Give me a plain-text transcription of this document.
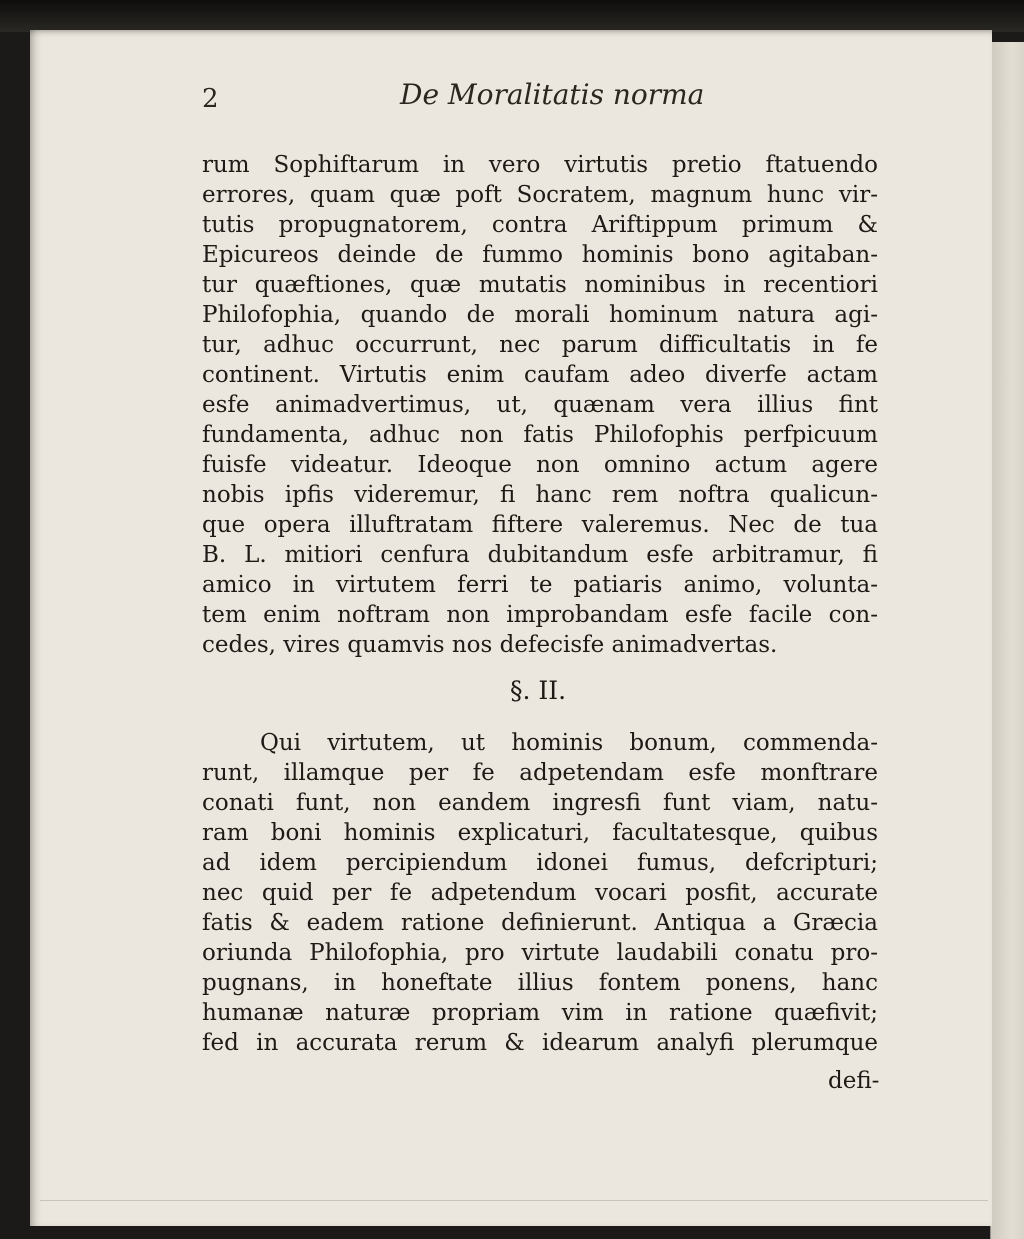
2	De Moralitatis norma

rum Sophiftarum in vero virtutis pretio ftatuendo

errores, quam quæ poft Socratem, magnum hunc vir-

tutis propugnatorem, contra Ariftippum primum &

Epicureos deinde de fummo hominis bono agitaban-

tur quæftiones, quæ mutatis nominibus in recentiori

Philofophia, quando de morali hominum natura agi-

tur, adhuc occurrunt, nec parum difficultatis in fe

continent. Virtutis enim caufam adeo diverfe actam

esfe animadvertimus, ut, quænam vera illius fint

fundamenta, adhuc non fatis Philofophis perfpicuum

fuisfe videatur. Ideoque non omnino actum agere

nobis ipfis videremur, fi hanc rem noftra qualicun-

que opera illuftratam fiftere valeremus. Nec de tua

B. L. mitiori cenfura dubitandum esfe arbitramur, fi

amico in virtutem ferri te patiaris animo, volunta-

tem enim noftram non improbandam esfe facile con-

cedes, vires quamvis nos defecisfe animadvertas.

§. II.

Qui virtutem, ut hominis bonum, commenda-

runt, illamque per fe adpetendam esfe monftrare

conati funt, non eandem ingresfi funt viam, natu-

ram boni hominis explicaturi, facultatesque, quibus

ad idem percipiendum idonei fumus, defcripturi;

nec quid per fe adpetendum vocari posfit, accurate

fatis & eadem ratione definierunt. Antiqua a Græcia

oriunda Philofophia, pro virtute laudabili conatu pro-

pugnans, in honeftate illius fontem ponens, hanc

humanæ naturæ propriam vim in ratione quæfivit;

fed in accurata rerum & idearum analyfi plerumque

defi-
